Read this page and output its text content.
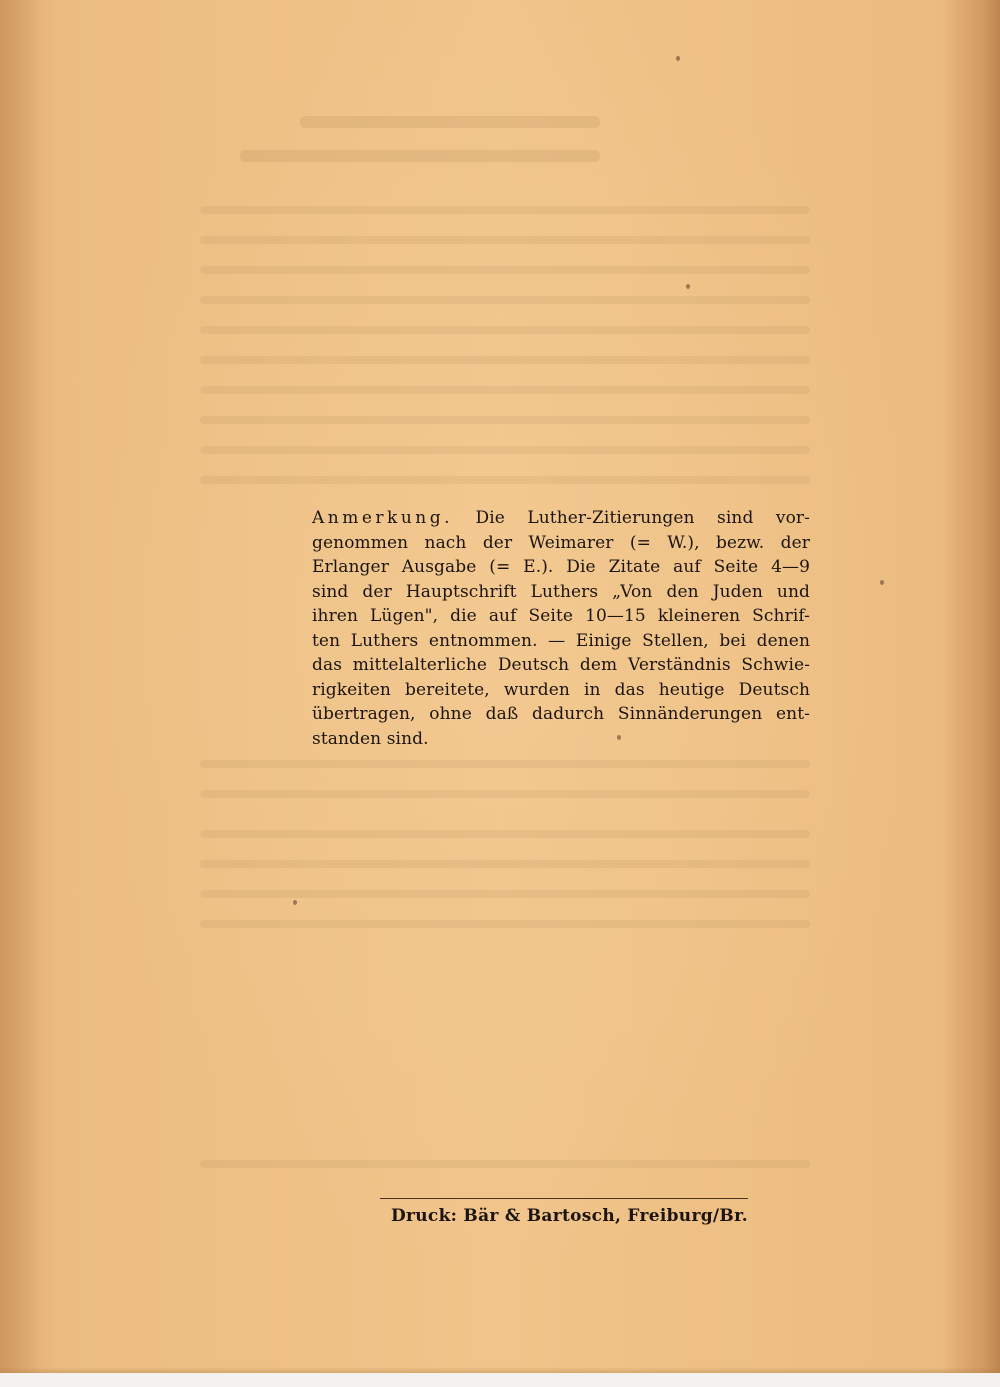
Anmerkung. Die Luther-Zitierungen sind vor-
genommen nach der Weimarer (= W.), bezw. der
Erlanger Ausgabe (= E.). Die Zitate auf Seite 4—9
sind der Hauptschrift Luthers „Von den Juden und
ihren Lügen", die auf Seite 10—15 kleineren Schrif-
ten Luthers entnommen. — Einige Stellen, bei denen
das mittelalterliche Deutsch dem Verständnis Schwie-
rigkeiten bereitete, wurden in das heutige Deutsch
übertragen, ohne daß dadurch Sinnänderungen ent-
standen sind.
Druck: Bär & Bartosch, Freiburg/Br.
